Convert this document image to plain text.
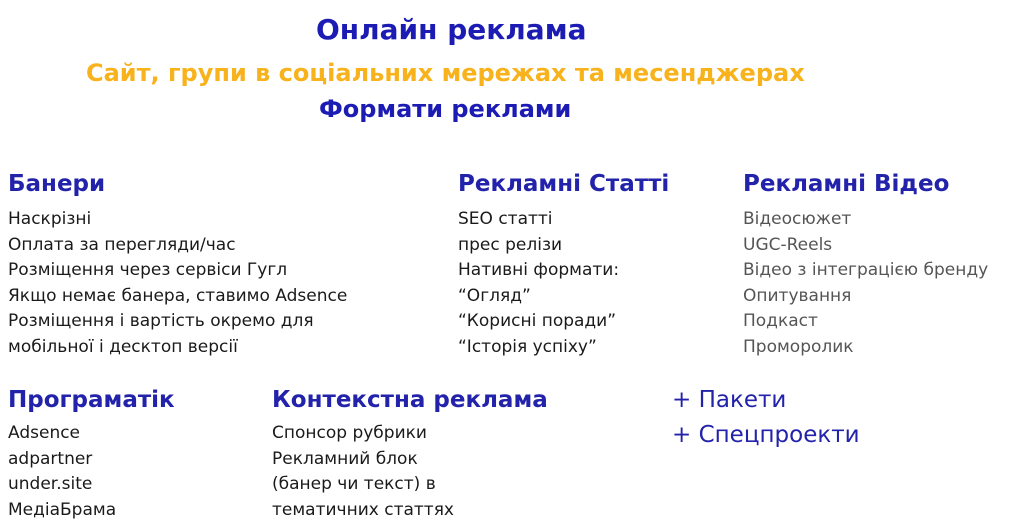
Онлайн реклама
Сайт, групи в соціальних мережах та месенджерах
Формати реклами
Банери
Наскрізні
Оплата за перегляди/час
Розміщення через сервіси Гугл
Якщо немає банера, ставимо Adsence
Розміщення і вартість окремо для
мобільної і десктоп версії
Рекламні Статті
SEO статті
прес релізи
Нативні формати:
“Огляд”
“Корисні поради”
“Історія успіху”
Рекламні Відео
Відеосюжет
UGC-Reels
Відео з інтеграцією бренду
Опитування
Подкаст
Проморолик
Програматік
Adsence
adpartner
under.site
МедіаБрама
Контекстна реклама
Спонсор рубрики
Рекламний блок
(банер чи текст) в
тематичних статтях

+ Пакети

+ Спецпроекти
